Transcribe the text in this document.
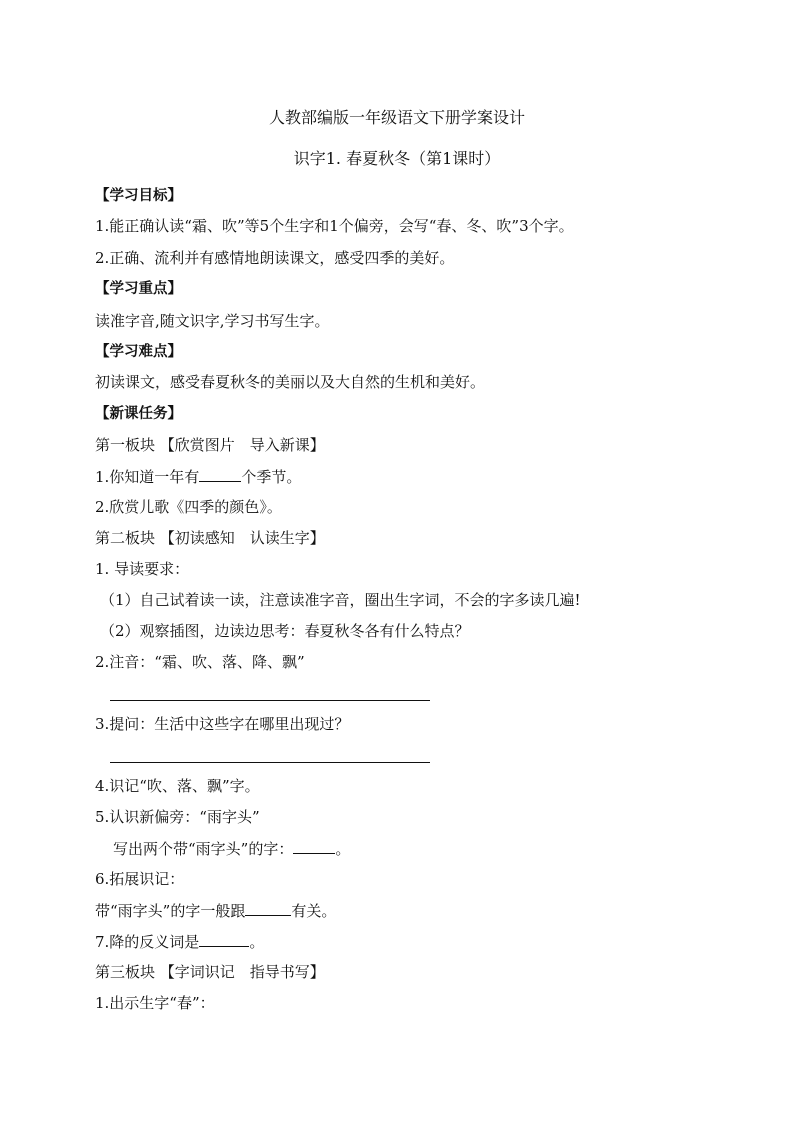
人教部编版一年级语文下册学案设计
识字1. 春夏秋冬（第1课时）
【学习目标】
1.能正确认读“霜、吹”等5个生字和1个偏旁，会写“春、冬、吹”3个字。
2.正确、流利并有感情地朗读课文，感受四季的美好。
【学习重点】
读准字音,随文识字,学习书写生字。
【学习难点】
初读课文，感受春夏秋冬的美丽以及大自然的生机和美好。
【新课任务】
第一板块 【欣赏图片　导入新课】
1.你知道一年有	个季节。
2.欣赏儿歌《四季的颜色》。
第二板块 【初读感知　认读生字】
1. 导读要求：
（1）自己试着读一读，注意读准字音，圈出生字词，不会的字多读几遍!
（2）观察插图，边读边思考：春夏秋冬各有什么特点？
2.注音：“霜、吹、落、降、飘”
3.提问：生活中这些字在哪里出现过？
4.识记“吹、落、飘”字。
5.认识新偏旁：“雨字头”
写出两个带“雨字头”的字：	。
6.拓展识记：
带“雨字头”的字一般跟	有关。
7.降的反义词是	。
第三板块 【字词识记　指导书写】
1.出示生字“春”：
